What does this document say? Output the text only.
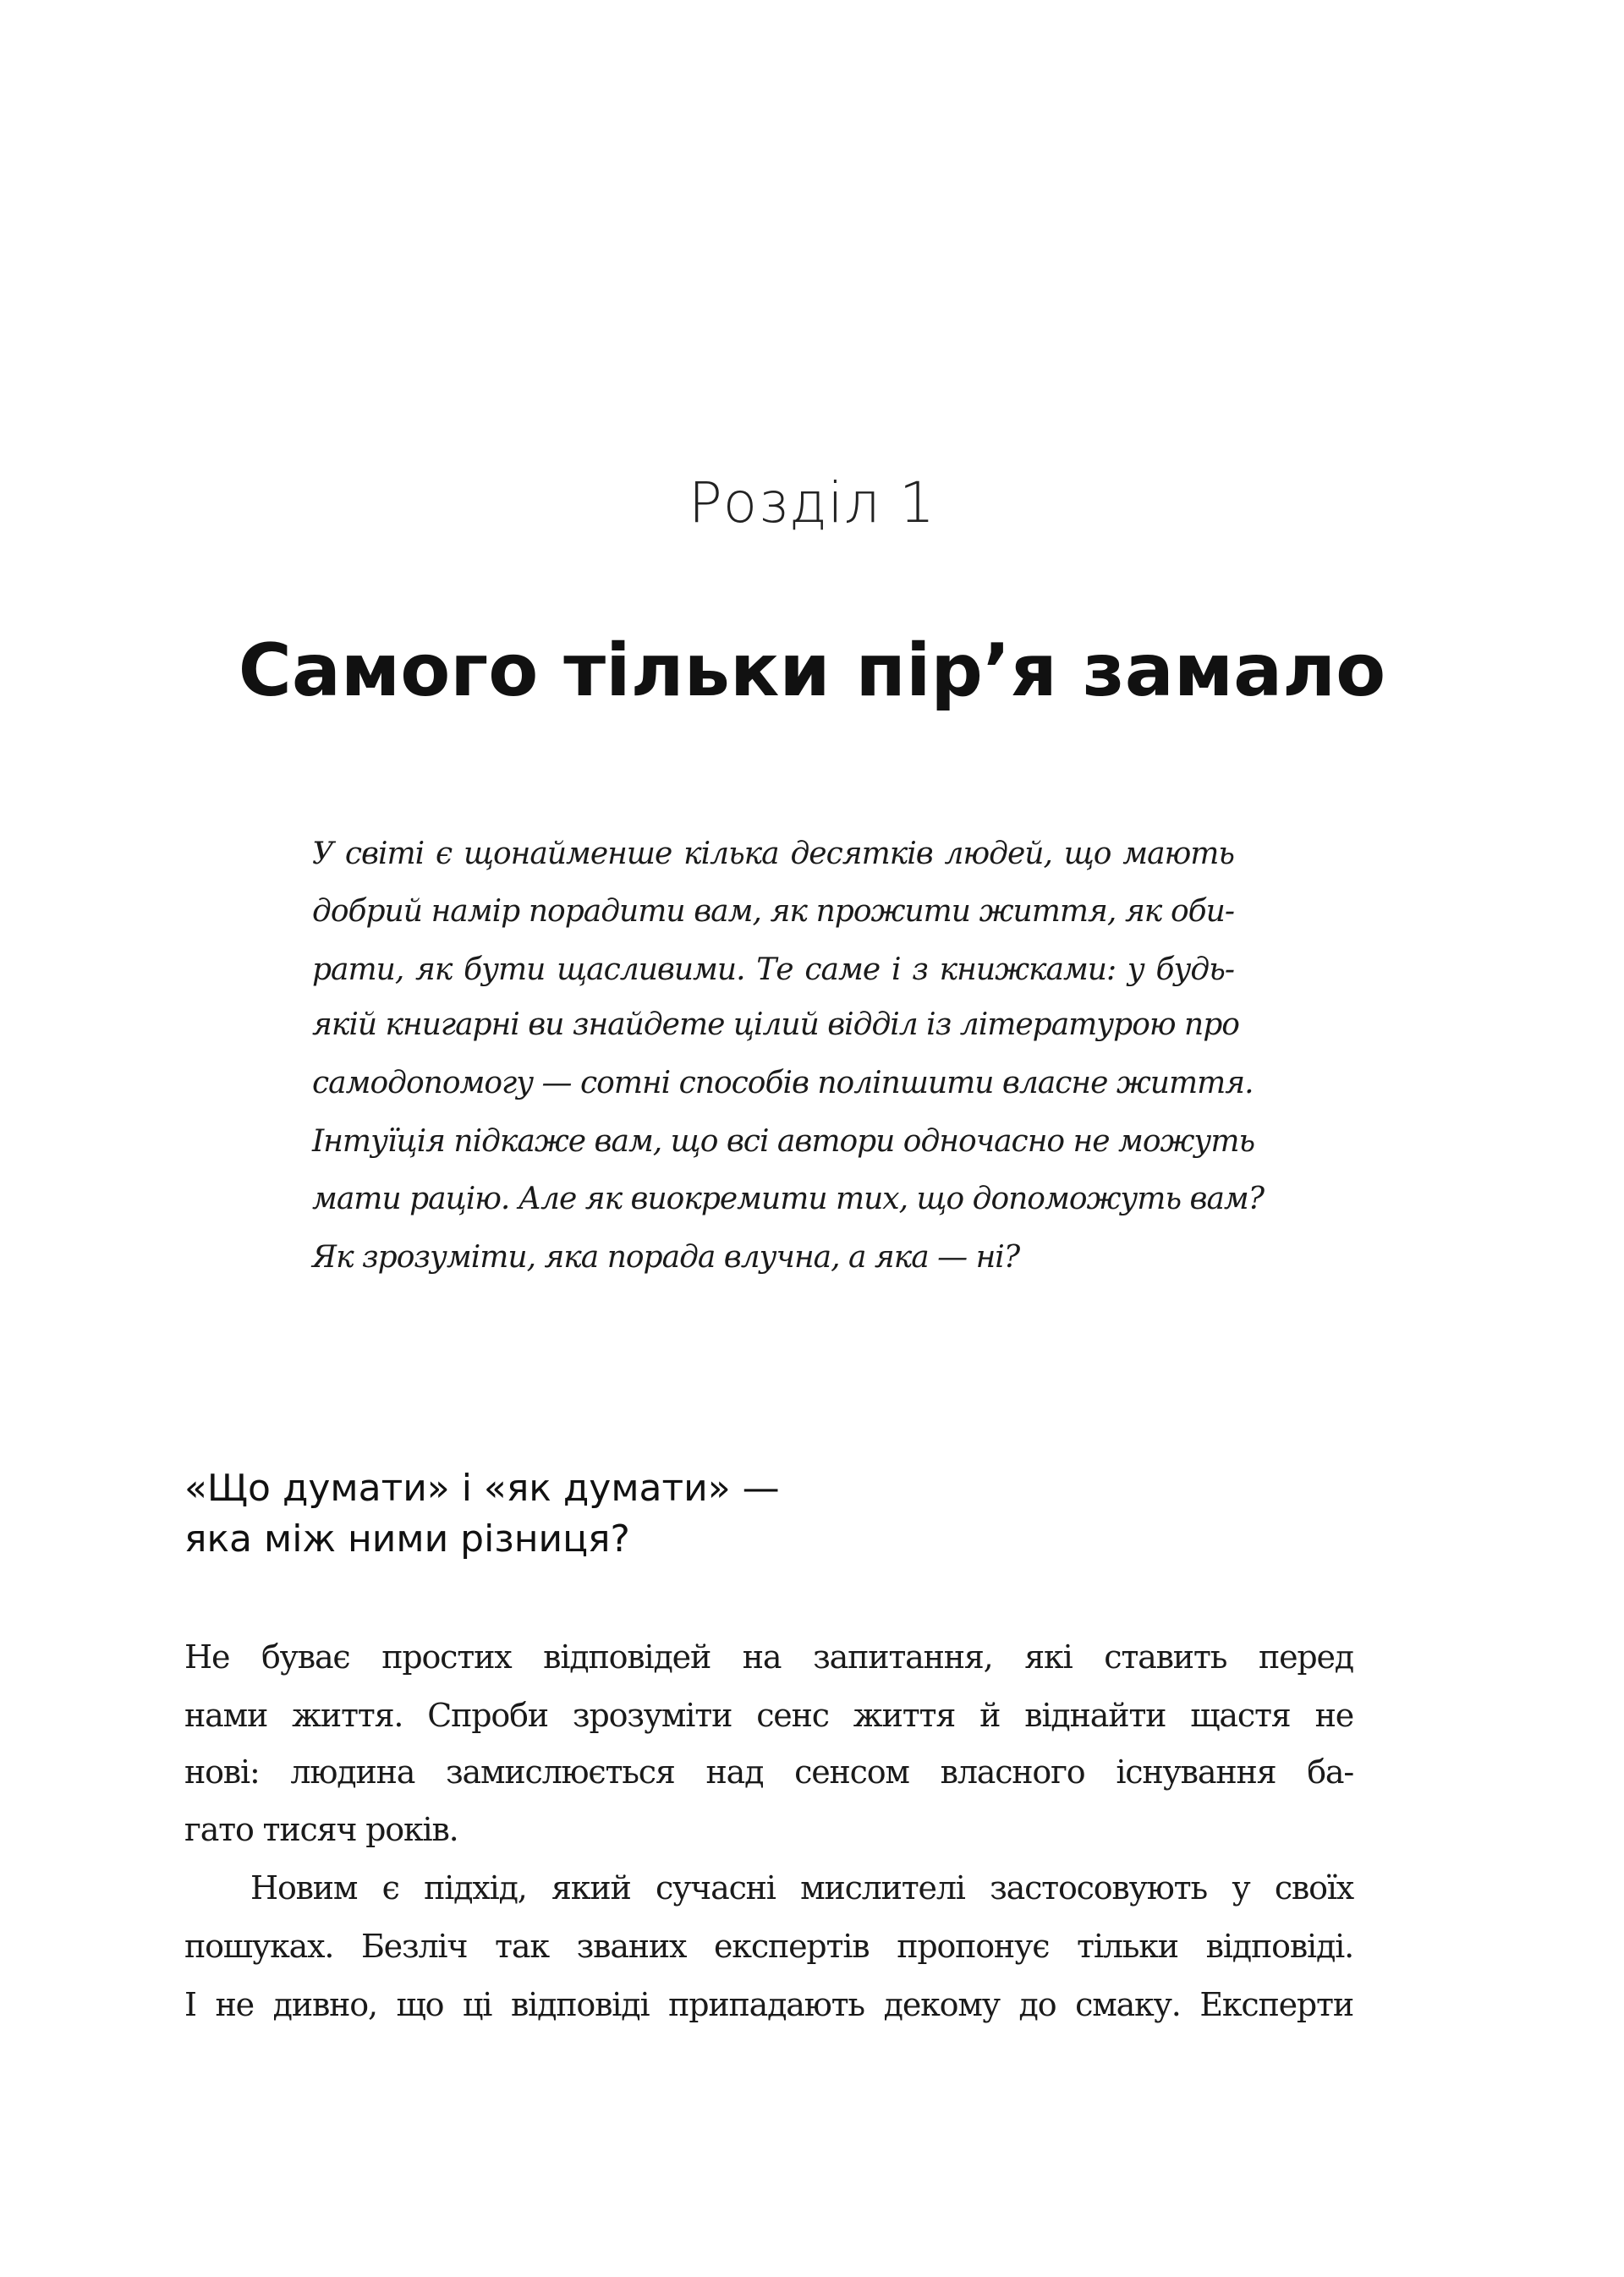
Розділ 1
Самого тільки пір’я замало
У світі є щонайменше кілька десятків людей, що мають
добрий намір порадити вам, як прожити життя, як оби-
рати, як бути щасливими. Те саме і з книжками: у будь-
якій книгарні ви знайдете цілий відділ із літературою про
самодопомогу — сотні способів поліпшити власне життя.
Інтуїція підкаже вам, що всі автори одночасно не можуть
мати рацію. Але як виокремити тих, що допоможуть вам?
Як зрозуміти, яка порада влучна, а яка — ні?
«Що думати» і «як думати» —
яка між ними різниця?
Не буває простих відповідей на запитання, які ставить перед
нами життя. Спроби зрозуміти сенс життя й віднайти щастя не
нові: людина замислюється над сенсом власного існування ба-
гато тисяч років.
Новим є підхід, який сучасні мислителі застосовують у своїх
пошуках. Безліч так званих експертів пропонує тільки відповіді.
І не дивно, що ці відповіді припадають декому до смаку. Експерти
